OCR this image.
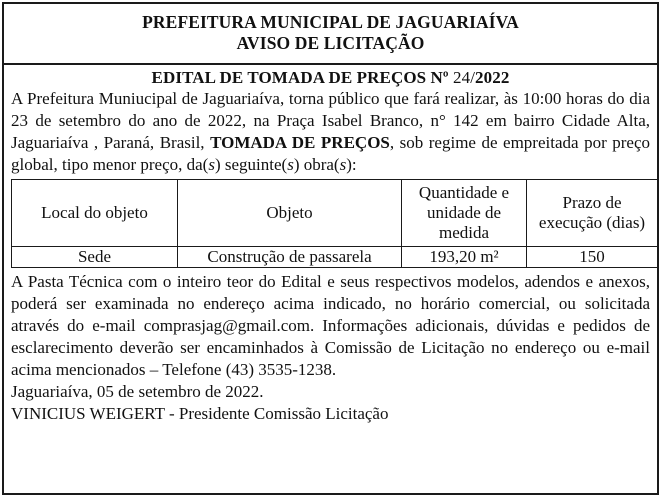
PREFEITURA MUNICIPAL DE JAGUARIAÍVA
AVISO DE LICITAÇÃO
EDITAL DE TOMADA DE PREÇOS Nº 24/2022

A Prefeitura Muniucipal de Jaguariaíva, torna público que fará realizar, às 10:00 horas do dia 23 de setembro do ano de 2022, na Praça Isabel Branco, n° 142 em bairro Cidade Alta, Jaguariaíva , Paraná, Brasil, TOMADA DE PREÇOS, sob regime de empreitada por preço global, tipo menor preço, da(s) seguinte(s) obra(s):

Local do objeto	Objeto	Quantidade e unidade de medida	Prazo de execução (dias)
Sede	Construção de passarela	193,20 m²	150

A Pasta Técnica com o inteiro teor do Edital e seus respectivos modelos, adendos e anexos, poderá ser examinada no endereço acima indicado, no horário comercial, ou solicitada através do e-mail comprasjag@gmail.com. Informações adicionais, dúvidas e pedidos de esclarecimento deverão ser encaminhados à Comissão de Licitação no endereço ou e-mail acima mencionados – Telefone (43) 3535-1238.

Jaguariaíva, 05 de setembro de 2022.

VINICIUS WEIGERT - Presidente Comissão Licitação
